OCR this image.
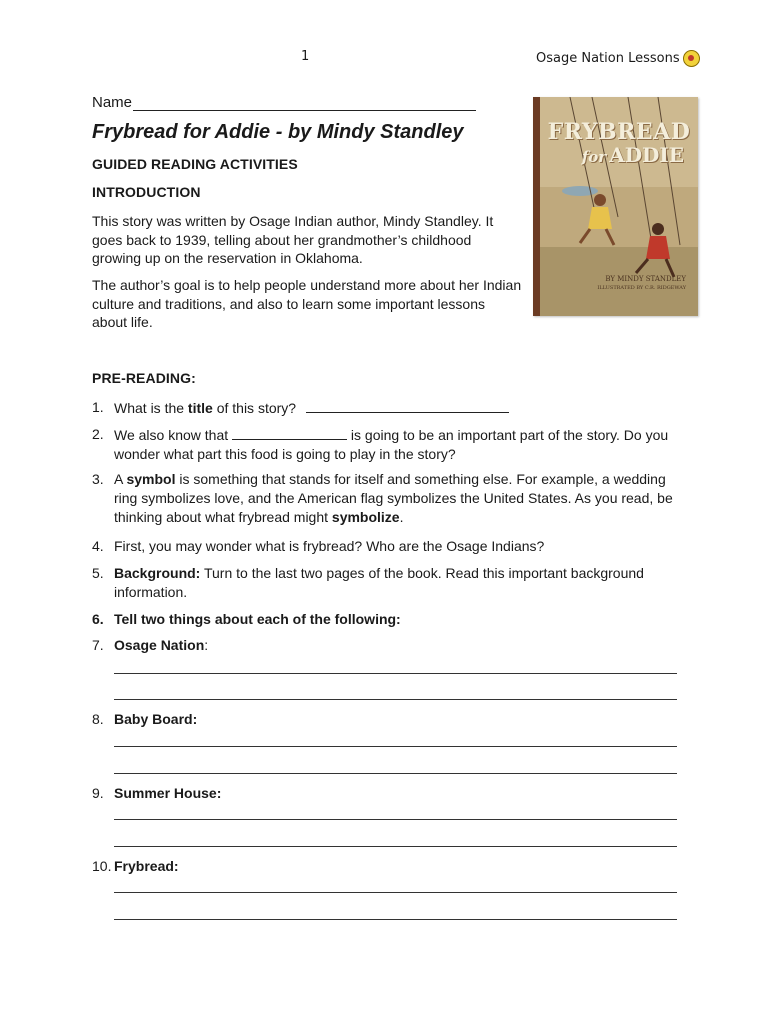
1	Osage Nation Lessons
Name
Frybread for Addie - by Mindy Standley
GUIDED READING ACTIVITIES
INTRODUCTION
This story was written by Osage Indian author, Mindy Standley. It goes back to 1939, telling about her grandmother’s childhood growing up on the reservation in Oklahoma.
The author’s goal is to help people understand more about her Indian culture and traditions, and also to learn some important lessons about life.
FRYBREAD
for ADDIE
BY MINDY STANDLEY
ILLUSTRATED BY C.R. RIDGEWAY
PRE-READING:
1. What is the title of this story?
2. We also know that	is going to be an important part of the story. Do you wonder what part this food is going to play in the story?
3. A symbol is something that stands for itself and something else. For example, a wedding ring symbolizes love, and the American flag symbolizes the United States. As you read, be thinking about what frybread might symbolize.
4. First, you may wonder what is frybread? Who are the Osage Indians?
5. Background: Turn to the last two pages of the book. Read this important background information.
6. Tell two things about each of the following:
7. Osage Nation:
8. Baby Board:
9. Summer House:
10. Frybread:
